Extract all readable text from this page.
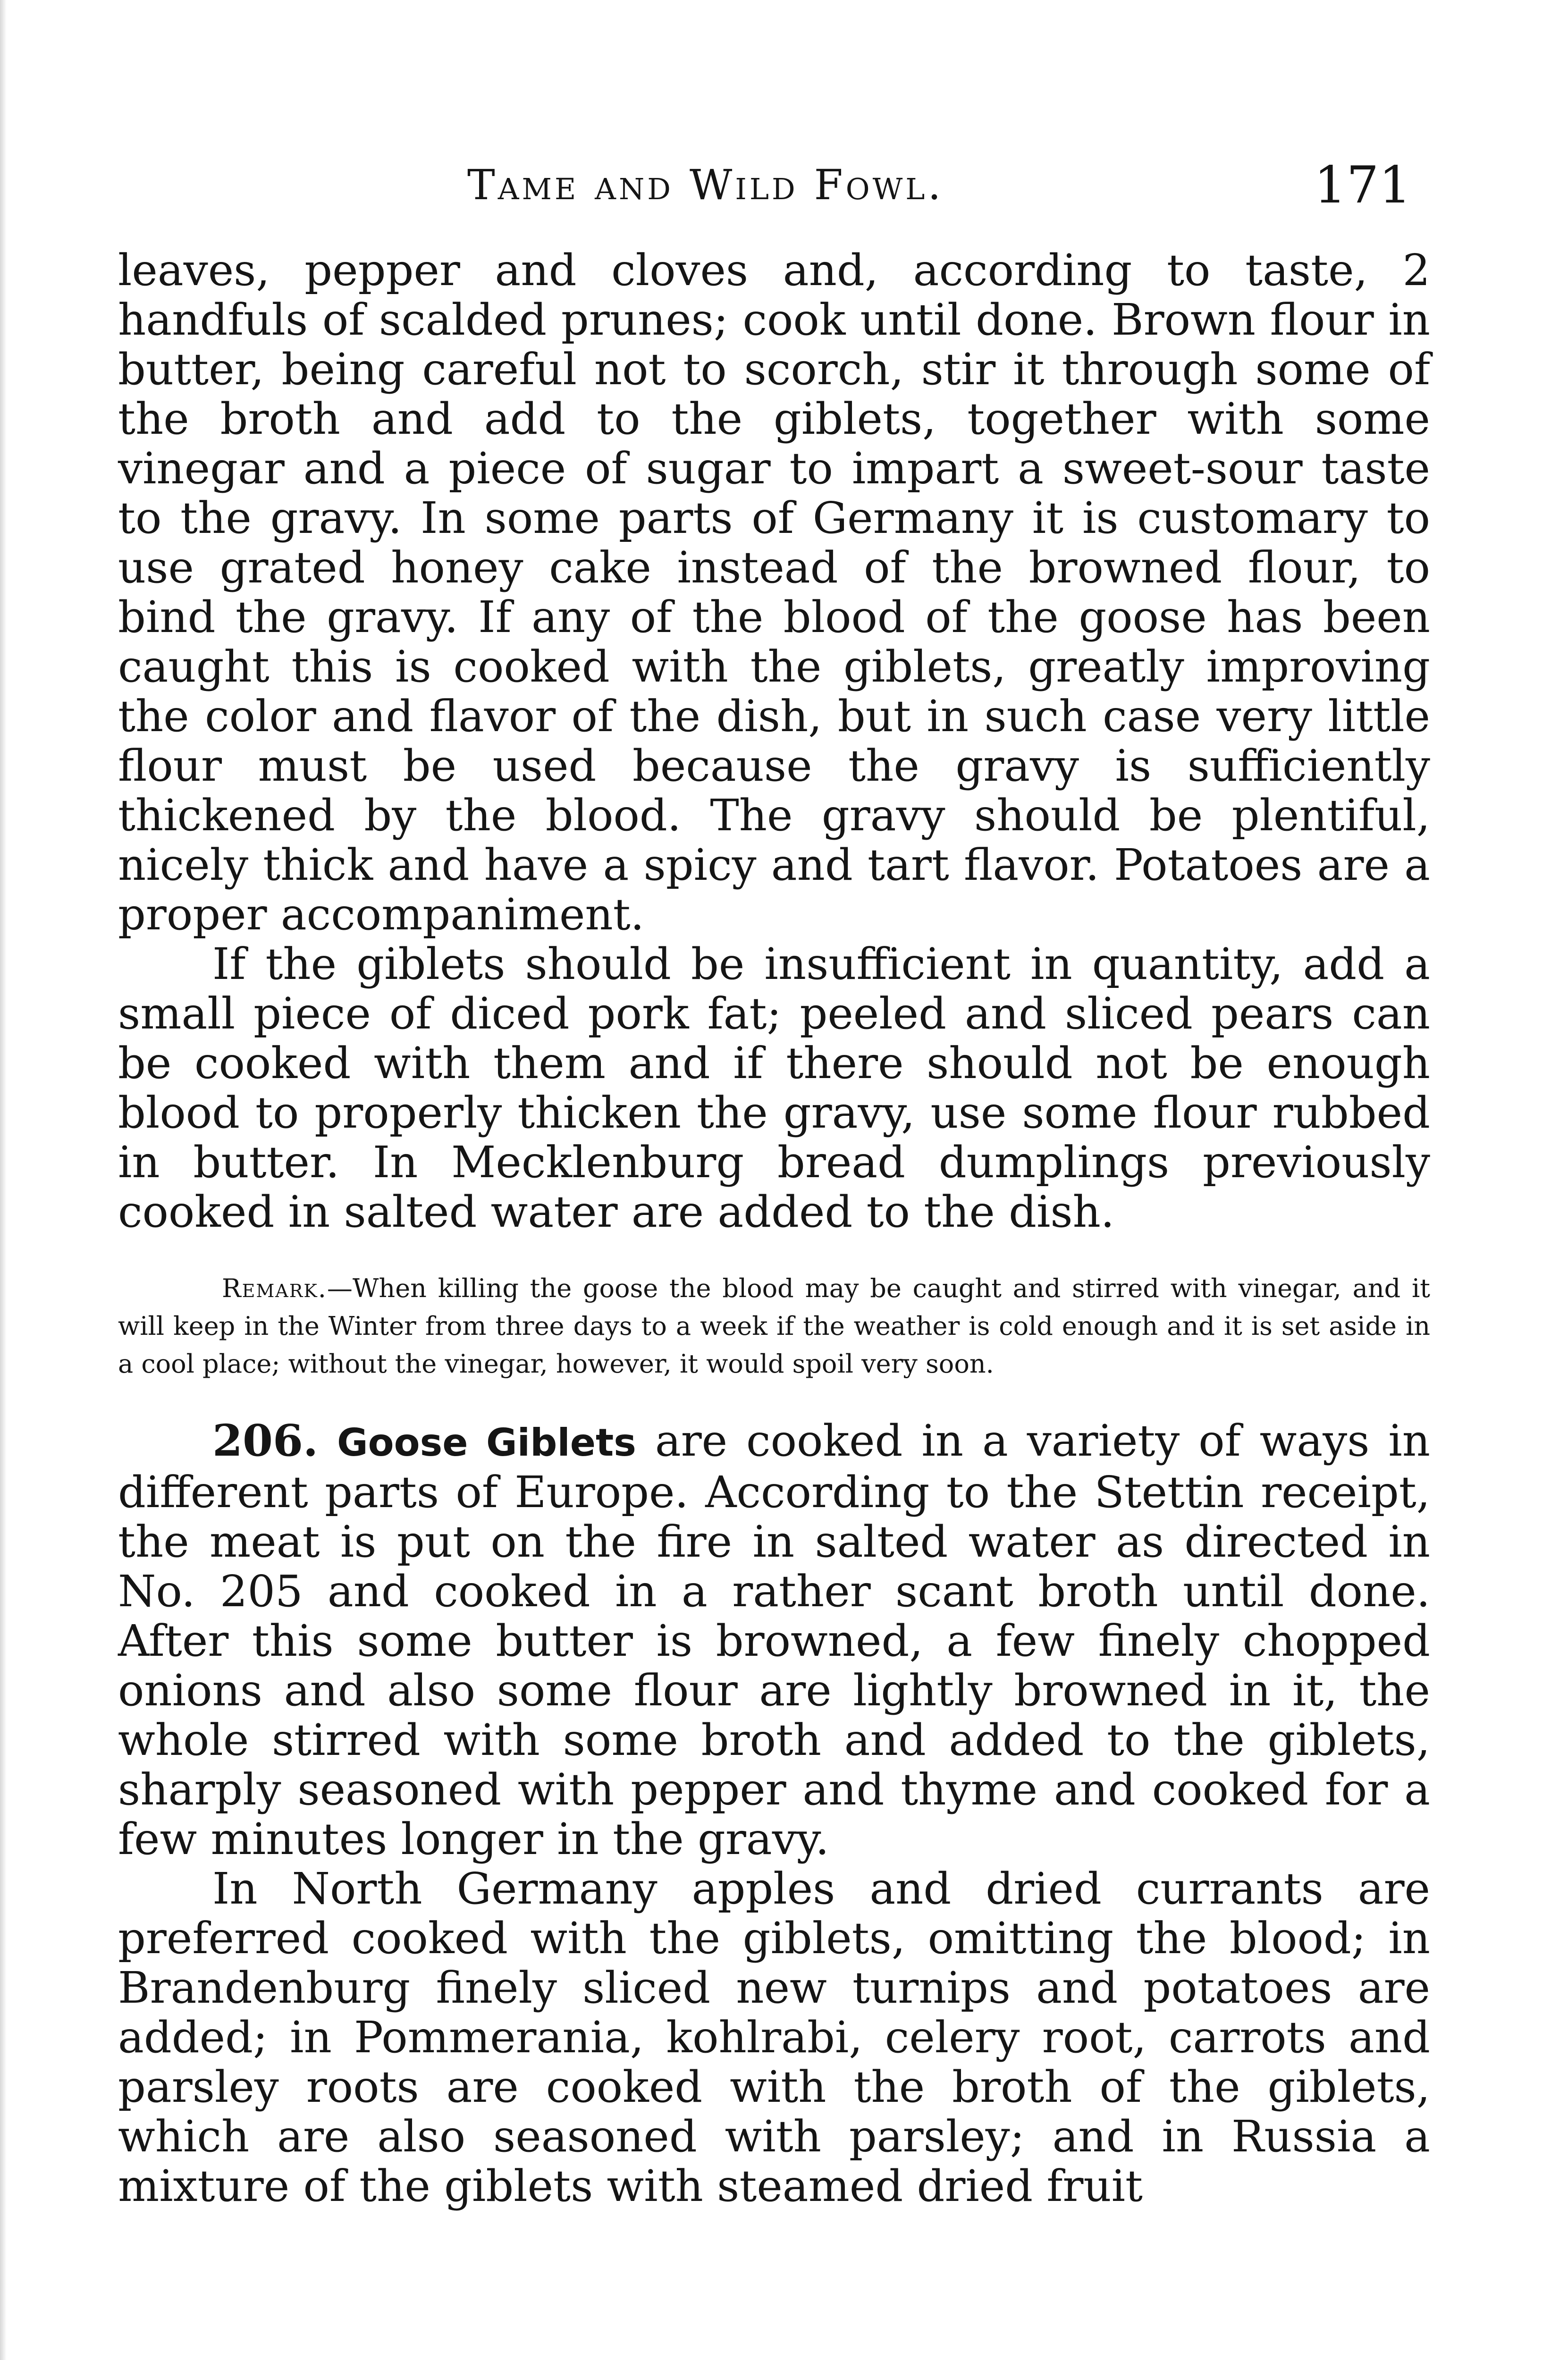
Tame and Wild Fowl.	171

leaves, pepper and cloves and, according to taste, 2 handfuls of scalded prunes; cook until done. Brown flour in butter, being careful not to scorch, stir it through some of the broth and add to the giblets, together with some vinegar and a piece of sugar to impart a sweet-sour taste to the gravy. In some parts of Germany it is customary to use grated honey cake instead of the browned flour, to bind the gravy. If any of the blood of the goose has been caught this is cooked with the giblets, greatly improving the color and flavor of the dish, but in such case very little flour must be used because the gravy is sufficiently thickened by the blood. The gravy should be plentiful, nicely thick and have a spicy and tart flavor. Potatoes are a proper accompaniment.

If the giblets should be insufficient in quantity, add a small piece of diced pork fat; peeled and sliced pears can be cooked with them and if there should not be enough blood to properly thicken the gravy, use some flour rubbed in butter. In Mecklenburg bread dumplings previously cooked in salted water are added to the dish.

Remark.—When killing the goose the blood may be caught and stirred with vinegar, and it will keep in the Winter from three days to a week if the weather is cold enough and it is set aside in a cool place; without the vinegar, however, it would spoil very soon.

206. Goose Giblets are cooked in a variety of ways in different parts of Europe. According to the Stettin receipt, the meat is put on the fire in salted water as directed in No. 205 and cooked in a rather scant broth until done. After this some butter is browned, a few finely chopped onions and also some flour are lightly browned in it, the whole stirred with some broth and added to the giblets, sharply seasoned with pepper and thyme and cooked for a few minutes longer in the gravy.

In North Germany apples and dried currants are preferred cooked with the giblets, omitting the blood; in Brandenburg finely sliced new turnips and potatoes are added; in Pommerania, kohlrabi, celery root, carrots and parsley roots are cooked with the broth of the giblets, which are also seasoned with parsley; and in Russia a mixture of the giblets with steamed dried fruit
